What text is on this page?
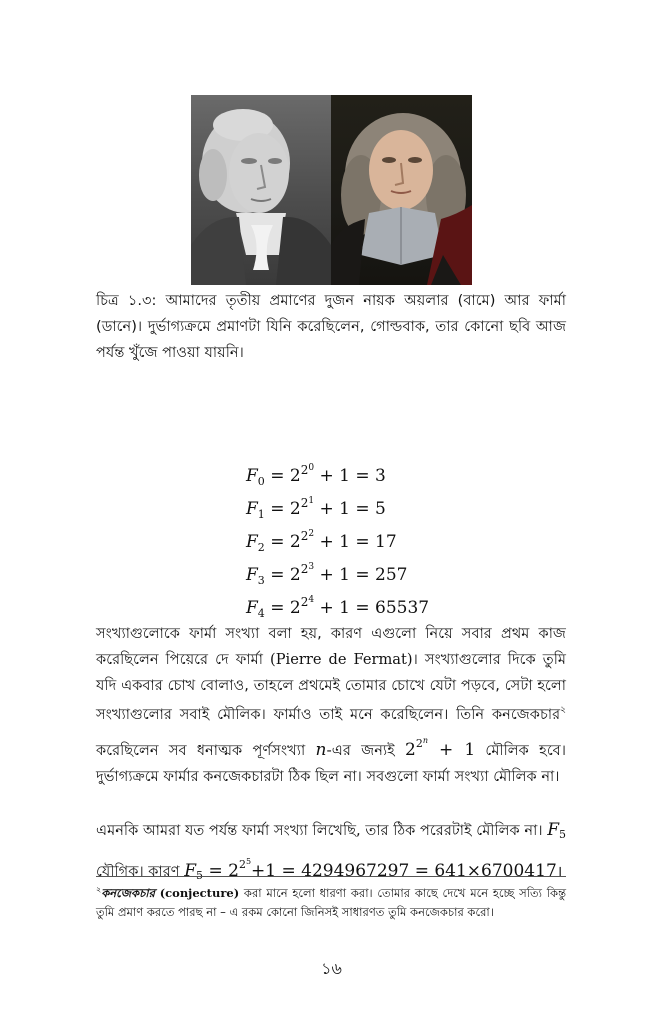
চিত্র ১.৩: আমাদের তৃতীয় প্রমাণের দুজন নায়ক অয়লার (বামে) আর ফার্মা (ডানে)। দুর্ভাগ্যক্রমে প্রমাণটা যিনি করেছিলেন, গোল্ডবাক, তার কোনো ছবি আজ পর্যন্ত খুঁজে পাওয়া যায়নি।
$F_0 = 2^{2^0} + 1 = 3$
$F_1 = 2^{2^1} + 1 = 5$
$F_2 = 2^{2^2} + 1 = 17$
$F_3 = 2^{2^3} + 1 = 257$
$F_4 = 2^{2^4} + 1 = 65537$
সংখ্যাগুলোকে ফার্মা সংখ্যা বলা হয়, কারণ এগুলো নিয়ে সবার প্রথম কাজ করেছিলেন পিয়েরে দে ফার্মা (Pierre de Fermat)। সংখ্যাগুলোর দিকে তুমি যদি একবার চোখ বোলাও, তাহলে প্রথমেই তোমার চোখে যেটা পড়বে, সেটা হলো সংখ্যাগুলোর সবাই মৌলিক। ফার্মাও তাই মনে করেছিলেন। তিনি কনজেকচার$^২$ করেছিলেন সব ধনাত্মক পূর্ণসংখ্যা n-এর জন্যই $2^{2^n} + 1$ মৌলিক হবে। দুর্ভাগ্যক্রমে ফার্মার কনজেকচারটা ঠিক ছিল না। সবগুলো ফার্মা সংখ্যা মৌলিক না।
এমনকি আমরা যত পর্যন্ত ফার্মা সংখ্যা লিখেছি, তার ঠিক পরেরটাই মৌলিক না। $F_5$ যৌগিক। কারণ $F_5 = 2^{2^5}+1 = 4294967297$ = 641×6700417।
$^২$কনজেকচার (conjecture) করা মানে হলো ধারণা করা। তোমার কাছে দেখে মনে হচ্ছে সত্যি কিন্তু তুমি প্রমাণ করতে পারছ না – এ রকম কোনো জিনিসই সাধারণত তুমি কনজেকচার করো।
১৬
